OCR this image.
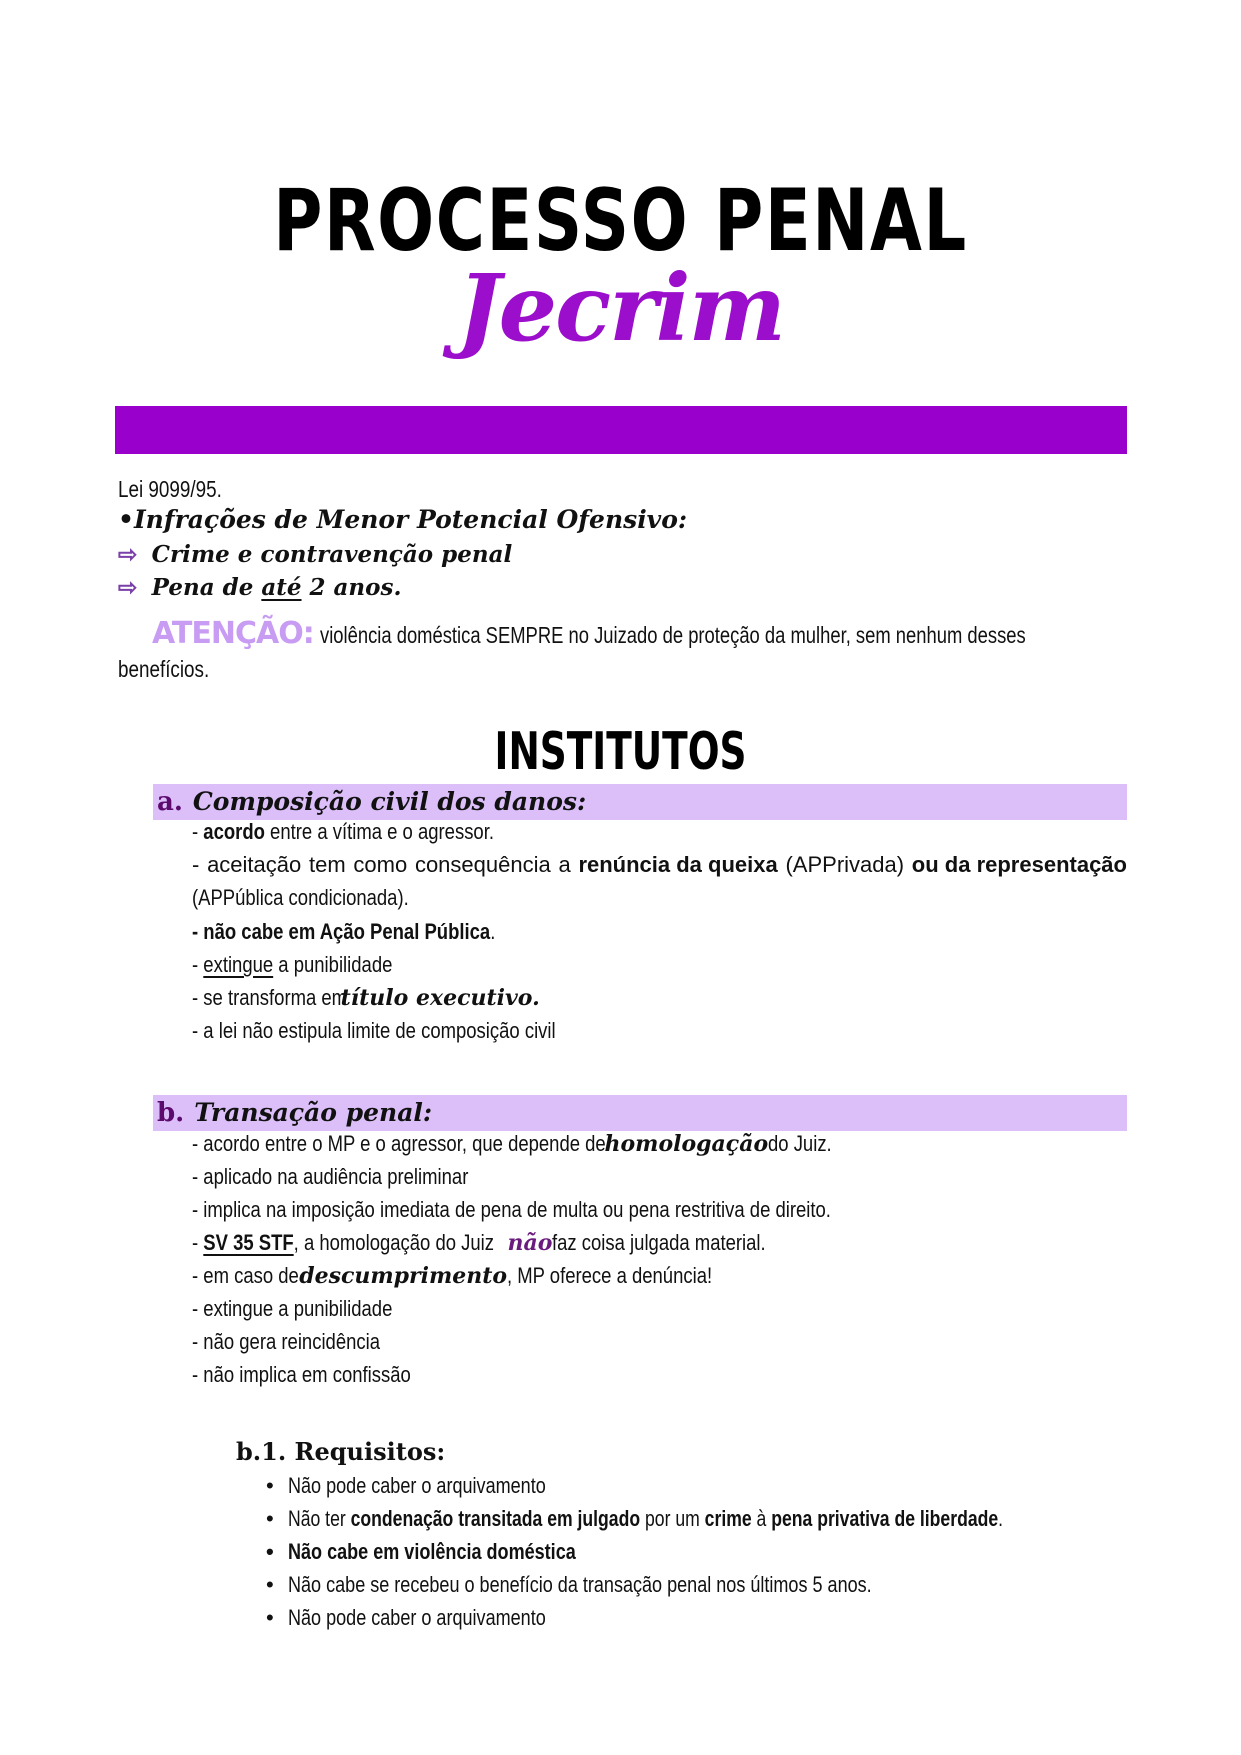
PROCESSO PENAL
Jecrim
Lei 9099/95.
•Infrações de Menor Potencial Ofensivo:
⇨ Crime e contravenção penal
⇨ Pena de até 2 anos.
ATENÇÃO: violência doméstica SEMPRE no Juizado de proteção da mulher, sem nenhum desses
benefícios.
INSTITUTOS
a. Composição civil dos danos:
- acordo entre a vítima e o agressor.
- aceitação tem como consequência a renúncia da queixa (APPrivada) ou da representação
(APPública condicionada).
- não cabe em Ação Penal Pública.
- extingue a punibilidade
- se transforma emtítulo executivo.
- a lei não estipula limite de composição civil
b. Transação penal:
- acordo entre o MP e o agressor, que depende dehomologaçãodo Juiz.
- aplicado na audiência preliminar
- implica na imposição imediata de pena de multa ou pena restritiva de direito.
- SV 35 STF, a homologação do Juiznãofaz coisa julgada material.
- em caso dedescumprimento, MP oferece a denúncia!
- extingue a punibilidade
- não gera reincidência
- não implica em confissão
b.1. Requisitos:
• Não pode caber o arquivamento
• Não ter condenação transitada em julgado por um crime à pena privativa de liberdade.
• Não cabe em violência doméstica
• Não cabe se recebeu o benefício da transação penal nos últimos 5 anos.
• Não pode caber o arquivamento
